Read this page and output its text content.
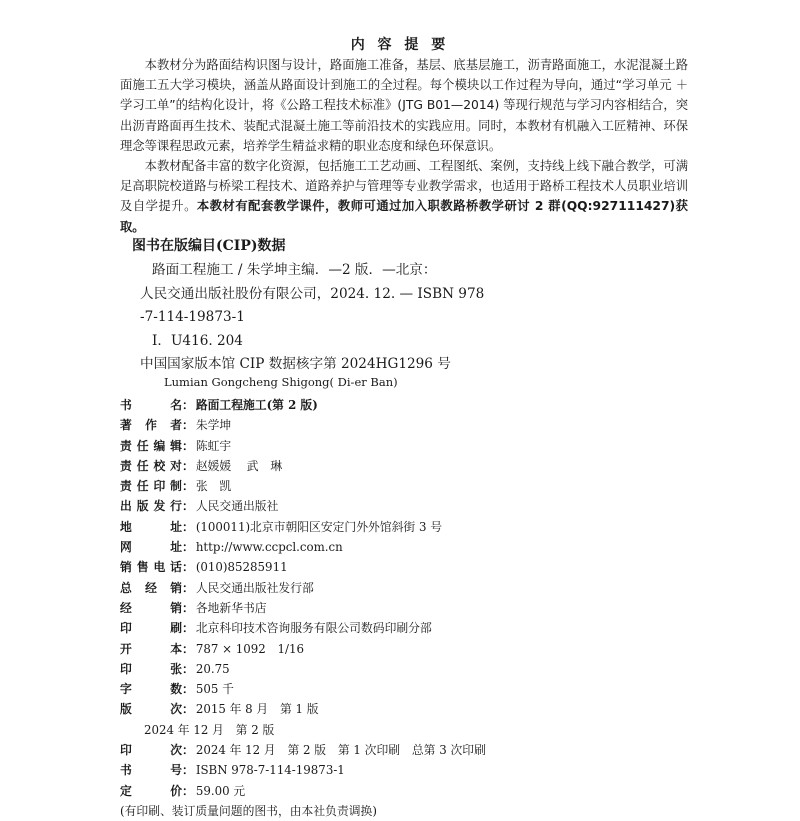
内 容 提 要

本教材分为路面结构识图与设计，路面施工准备，基层、底基层施工，沥青路面施工，水泥混凝土路面施工五大学习模块，涵盖从路面设计到施工的全过程。每个模块以工作过程为导向，通过“学习单元 ＋ 学习工单”的结构化设计，将《公路工程技术标准》(JTG B01—2014) 等现行规范与学习内容相结合，突出沥青路面再生技术、装配式混凝土施工等前沿技术的实践应用。同时，本教材有机融入工匠精神、环保理念等课程思政元素，培养学生精益求精的职业态度和绿色环保意识。

本教材配备丰富的数字化资源，包括施工工艺动画、工程图纸、案例，支持线上线下融合教学，可满足高职院校道路与桥梁工程技术、道路养护与管理等专业教学需求，也适用于路桥工程技术人员职业培训及自学提升。本教材有配套教学课件，教师可通过加入职教路桥教学研讨 2 群(QQ:927111427)获取。

图书在版编目(CIP)数据
路面工程施工 / 朱学坤主编．—2 版．—北京：
人民交通出版社股份有限公司，2024. 12. — ISBN 978
-7-114-19873-1
Ⅰ．U416. 204
中国国家版本馆 CIP 数据核字第 2024HG1296 号
Lumian Gongcheng Shigong( Di-er Ban)
书	名 ： 路面工程施工(第 2 版)
著 作 者 ： 朱学坤
责 任 编 辑 ： 陈虹宇
责 任 校 对 ： 赵媛媛　 武　琳
责 任 印 制 ： 张　凯
出 版 发 行 ： 人民交通出版社
地	址 ： (100011)北京市朝阳区安定门外外馆斜街 3 号
网	址 ： http://www.ccpcl.com.cn
销 售 电 话 ： (010)85285911
总 经 销 ： 人民交通出版社发行部
经	销 ： 各地新华书店
印	刷 ： 北京科印技术咨询服务有限公司数码印刷分部
开	本 ： 787 × 1092　1/16
印	张 ： 20.75
字	数 ： 505 千
版	次 ： 2015 年 8 月　第 1 版
2024 年 12 月　第 2 版
印	次 ： 2024 年 12 月　第 2 版　第 1 次印刷　总第 3 次印刷
书	号 ： ISBN 978-7-114-19873-1
定	价 ： 59.00 元
(有印刷、装订质量问题的图书，由本社负责调换)
